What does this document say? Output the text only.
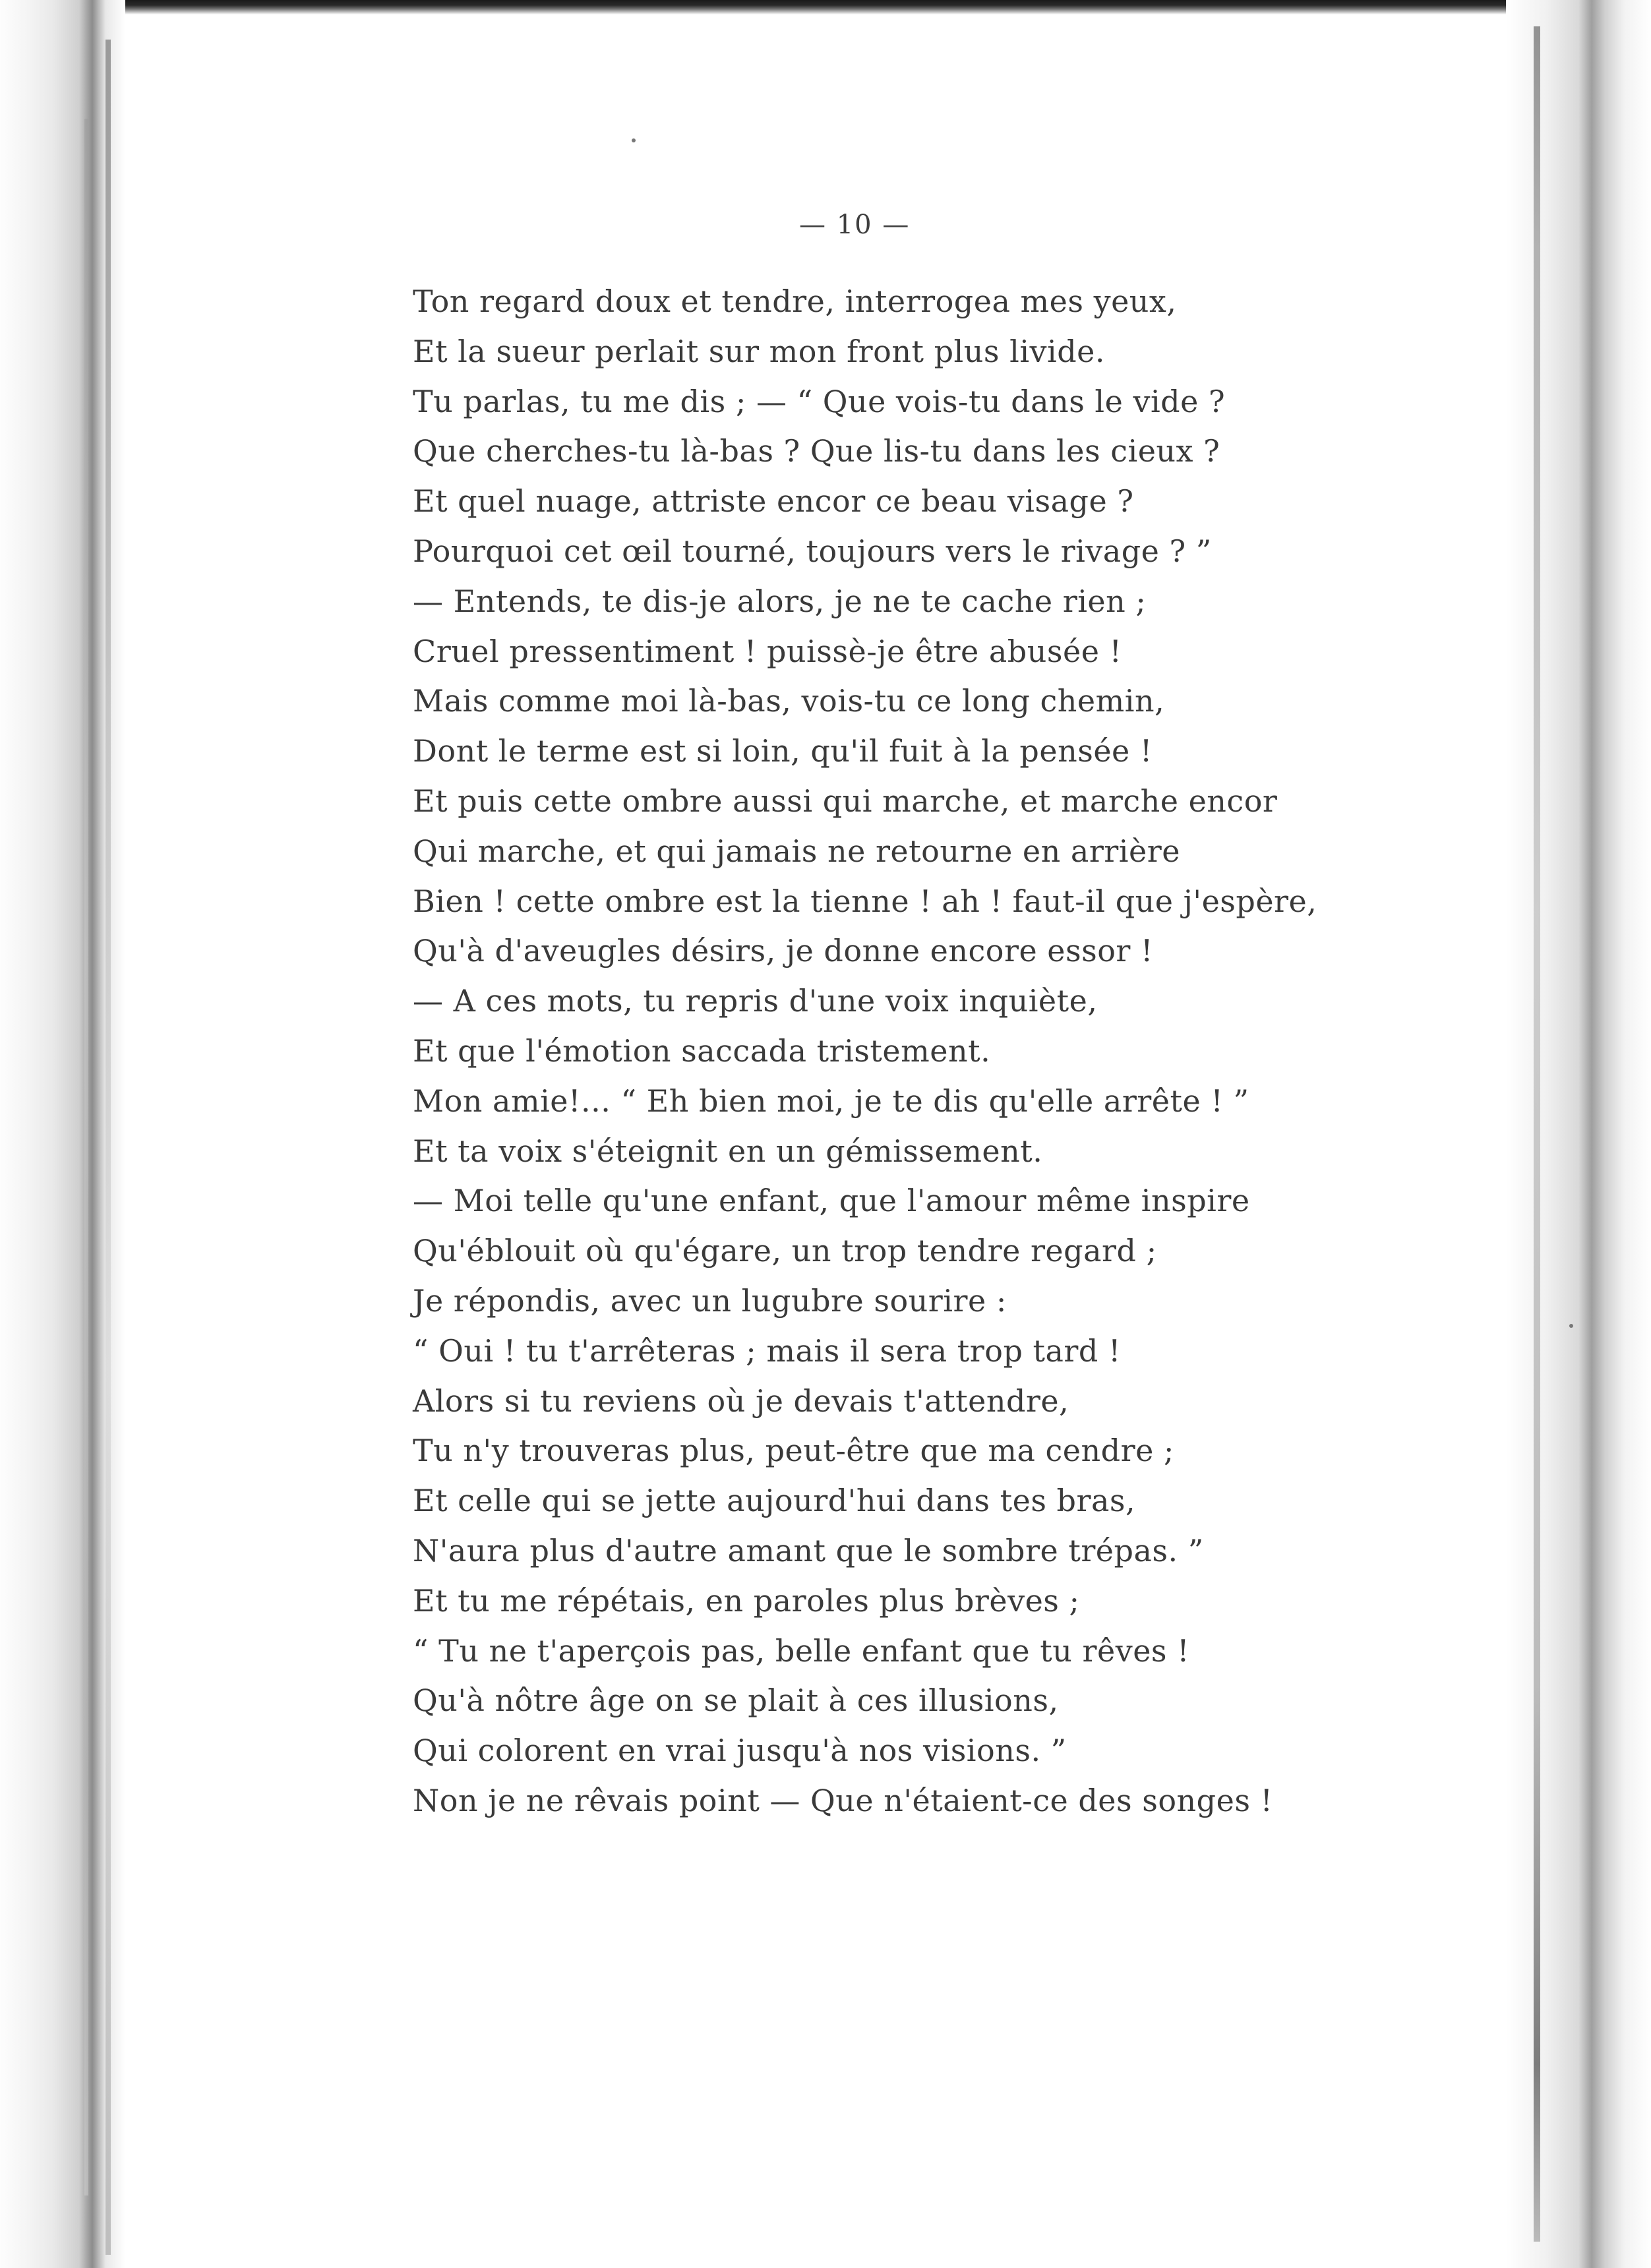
— 10 —
Ton regard doux et tendre, interrogea mes yeux,
Et la sueur perlait sur mon front plus livide.
Tu parlas, tu me dis ; — “ Que vois-tu dans le vide ?
Que cherches-tu là-bas ? Que lis-tu dans les cieux ?
Et quel nuage, attriste encor ce beau visage ?
Pourquoi cet œil tourné, toujours vers le rivage ? ”
— Entends, te dis-je alors, je ne te cache rien ;
Cruel pressentiment ! puissè-je être abusée !
Mais comme moi là-bas, vois-tu ce long chemin,
Dont le terme est si loin, qu'il fuit à la pensée !
Et puis cette ombre aussi qui marche, et marche encor
Qui marche, et qui jamais ne retourne en arrière
Bien ! cette ombre est la tienne ! ah ! faut-il que j'espère,
Qu'à d'aveugles désirs, je donne encore essor !
— A ces mots, tu repris d'une voix inquiète,
Et que l'émotion saccada tristement.
Mon amie!... “ Eh bien moi, je te dis qu'elle arrête ! ”
Et ta voix s'éteignit en un gémissement.
— Moi telle qu'une enfant, que l'amour même inspire
Qu'éblouit où qu'égare, un trop tendre regard ;
Je répondis, avec un lugubre sourire :
“ Oui ! tu t'arrêteras ; mais il sera trop tard !
Alors si tu reviens où je devais t'attendre,
Tu n'y trouveras plus, peut-être que ma cendre ;
Et celle qui se jette aujourd'hui dans tes bras,
N'aura plus d'autre amant que le sombre trépas. ”
Et tu me répétais, en paroles plus brèves ;
“ Tu ne t'aperçois pas, belle enfant que tu rêves !
Qu'à nôtre âge on se plait à ces illusions,
Qui colorent en vrai jusqu'à nos visions. ”
Non je ne rêvais point — Que n'étaient-ce des songes !
